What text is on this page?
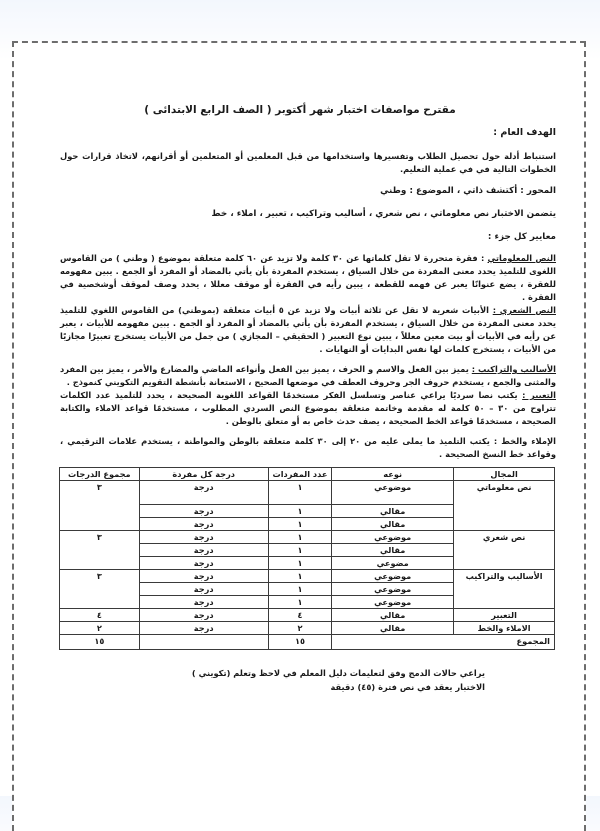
مقترح مواصفات اختبار شهر أكتوبر ( الصف الرابع الابتدائى )
الهدف العام :
استنباط أدلة حول تحصيل الطلاب وتفسيرها واستخدامها من قبل المعلمين أو المتعلمين أو أقرانهم، لاتخاذ قرارات حول الخطوات التالية في في عملية التعليم.
المحور : أكتشف ذاتي ، الموضوع : وطني
يتضمن الاختبار نص معلوماتي ، نص شعري ، أساليب وتراكيب ، تعبير ، املاء ، خط
معايير كل جزء :
النص المعلوماتي : فقرة متحررة لا تقل كلماتها عن ٣٠ كلمة ولا تزيد عن ٦٠ كلمة متعلقة بموضوع ( وطني ) من القاموس اللغوى للتلميذ يحدد معنى المفردة من خلال السياق ، يستخدم المفردة بأن يأتي بالمضاد أو المفرد أو الجمع . يبين مفهومه للفقرة ، يضع عنوانًا يعبر عن فهمه للقطعة ، يبين رأيه في الفقرة أو موقف معللا ، يحدد وصف لموقف أوشخصية في الفقرة .
النص الشعري : الأبيات شعرية لا تقل عن ثلاثة أبيات ولا تزيد عن ٥ أبيات متعلقة (بموطني) من القاموس اللغوي للتلميذ يحدد معنى المفردة من خلال السياق ، يستخدم المفردة بأن يأتي بالمضاد أو المفرد أو الجمع . يبين مفهومه للأبيات ، يعبر عن رأيه في الأبيات أو بيت معين معللاً ، يبين نوع التعبير ( الحقيقي – المجازي ) من جمل من الأبيات يستخرج تعبيرًا مجازيًا من الأبيات ، يستخرج كلمات لها نفس البدايات أو النهايات .
الأساليب والتراكيب : يميز بين الفعل والاسم و الحرف ، يميز بين الفعل وأنواعه الماضي والمضارع والأمر ، يميز بين المفرد والمثنى والجمع ، يستخدم حروف الجر وحروف العطف في موضعها الصحيح ، الاستعانة بأنشطة التقويم التكويني كنموذج .
التعبير : يكتب نصا سرديًا يراعي عناصر وتسلسل الفكر مستخدمًا القواعد اللغوية الصحيحة ، يحدد للتلميذ عدد الكلمات تتراوح من ٣٠ – ٥٠ كلمة له مقدمة وخاتمة متعلقة بموضوع النص السردي المطلوب ، مستخدمًا قواعد الاملاء والكتابة الصحيحة ، مستخدمًا قواعد الخط الصحيحة ، يصف حدث خاص به أو متعلق بالوطن .
الإملاء والخط : يكتب التلميذ ما يملى عليه من ٢٠ إلى ٣٠ كلمة متعلقة بالوطن والمواطنة ، يستخدم علامات الترقيمي ، وقواعد خط النسخ الصحيحة .
المجال	نوعه	عدد المفردات	درجة كل مفردة	مجموع الدرجات
نص معلوماتي	موضوعي	١	درجة	٣
	مقالي	١	درجة	
	مقالي	١	درجة	
نص شعري	موضوعي	١	درجة	٣
	مقالي	١	درجة	
	مضوعي	١	درجة	
الأساليب والتراكيب	موضوعي	١	درجة	٣
	موضوعي	١	درجة	
	موضوعي	١	درجة	
التعبير	مقالي	٤	درجة	٤
الاملاء والخط	مقالي	٢	درجة	٢
المجموع		١٥		١٥
يراعي حالات الدمج وفق لتعليمات دليل المعلم في لاحظ وتعلم (تكويني )
الاختبار يعقد في نص فترة (٤٥) دقيقة
